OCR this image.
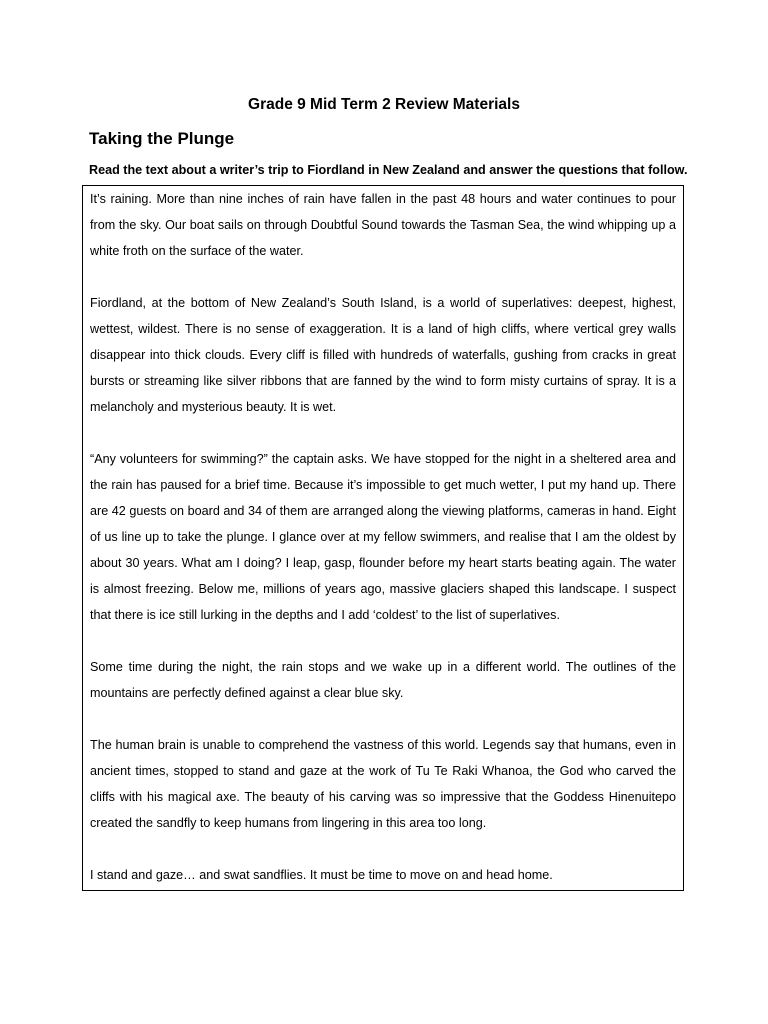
Grade 9 Mid Term 2 Review Materials
Taking the Plunge
Read the text about a writer’s trip to Fiordland in New Zealand and answer the questions that follow.

It’s raining. More than nine inches of rain have fallen in the past 48 hours and water continues to pour from the sky. Our boat sails on through Doubtful Sound towards the Tasman Sea, the wind whipping up a white froth on the surface of the water.

Fiordland, at the bottom of New Zealand’s South Island, is a world of superlatives: deepest, highest, wettest, wildest. There is no sense of exaggeration. It is a land of high cliffs, where vertical grey walls disappear into thick clouds. Every cliff is filled with hundreds of waterfalls, gushing from cracks in great bursts or streaming like silver ribbons that are fanned by the wind to form misty curtains of spray. It is a melancholy and mysterious beauty. It is wet.

“Any volunteers for swimming?” the captain asks. We have stopped for the night in a sheltered area and the rain has paused for a brief time. Because it’s impossible to get much wetter, I put my hand up. There are 42 guests on board and 34 of them are arranged along the viewing platforms, cameras in hand. Eight of us line up to take the plunge. I glance over at my fellow swimmers, and realise that I am the oldest by about 30 years. What am I doing? I leap, gasp, flounder before my heart starts beating again. The water is almost freezing. Below me, millions of years ago, massive glaciers shaped this landscape. I suspect that there is ice still lurking in the depths and I add ‘coldest’ to the list of superlatives.

Some time during the night, the rain stops and we wake up in a different world. The outlines of the mountains are perfectly defined against a clear blue sky.

The human brain is unable to comprehend the vastness of this world. Legends say that humans, even in ancient times, stopped to stand and gaze at the work of Tu Te Raki Whanoa, the God who carved the cliffs with his magical axe. The beauty of his carving was so impressive that the Goddess Hinenuitepo created the sandfly to keep humans from lingering in this area too long.

I stand and gaze… and swat sandflies. It must be time to move on and head home.
